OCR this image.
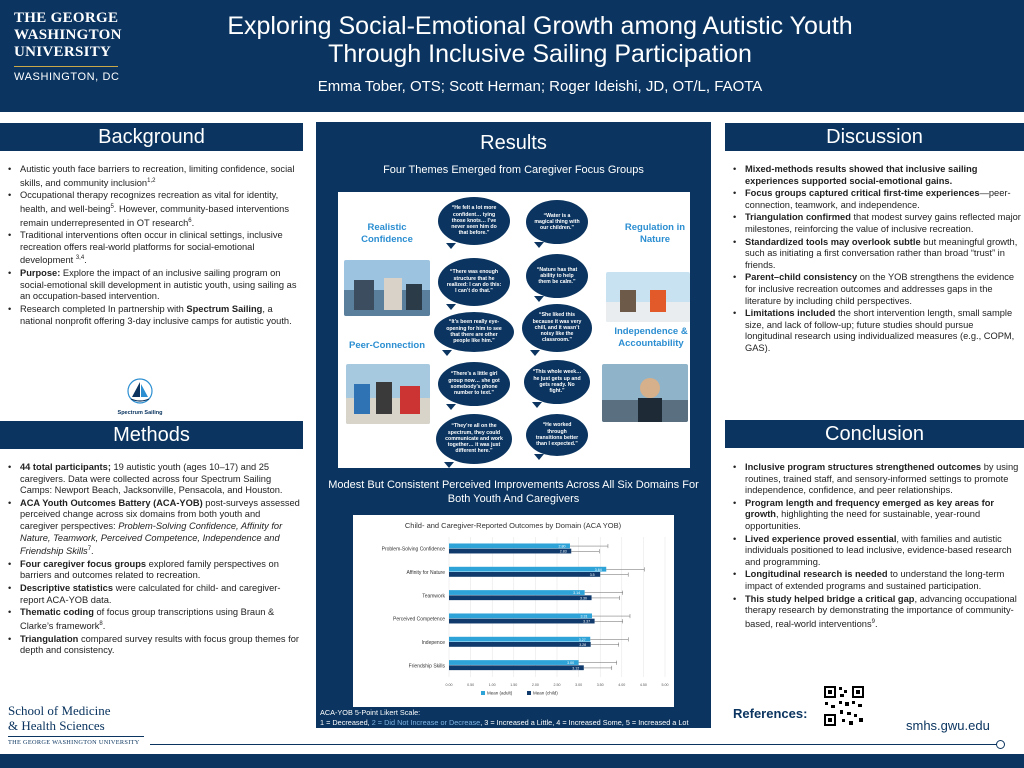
THE GEORGE
WASHINGTON
UNIVERSITY
WASHINGTON, DC
Exploring Social-Emotional Growth among Autistic Youth
Through Inclusive Sailing Participation
Emma Tober, OTS; Scott Herman; Roger Ideishi, JD, OT/L, FAOTA
Background
• Autistic youth face barriers to recreation, limiting confidence, social skills, and community inclusion$^{1,2}$
• Occupational therapy recognizes recreation as vital for identity, health, and well-being$^5$. However, community-based interventions remain underrepresented in OT research$^6$.
• Traditional interventions often occur in clinical settings, inclusive recreation offers real-world platforms for social-emotional development $^{3,4}$.
• Purpose: Explore the impact of an inclusive sailing program on social-emotional skill development in autistic youth, using sailing as an occupation-based intervention.
• Research completed In partnership with Spectrum Sailing, a national nonprofit offering 3-day inclusive camps for autistic youth.
Spectrum Sailing
Methods
• 44 total participants; 19 autistic youth (ages 10–17) and 25 caregivers. Data were collected across four Spectrum Sailing Camps: Newport Beach, Jacksonville, Pensacola, and Houston.
• ACA Youth Outcomes Battery (ACA-YOB) post-surveys assessed perceived change across six domains from both youth and caregiver perspectives: Problem-Solving Confidence, Affinity for Nature, Teamwork, Perceived Competence, Independence and Friendship Skills$^7$.
• Four caregiver focus groups explored family perspectives on barriers and outcomes related to recreation.
• Descriptive statistics were calculated for child- and caregiver-report ACA-YOB data.
• Thematic coding of focus group transcriptions using Braun & Clarke’s framework$^8$.
• Triangulation compared survey results with focus group themes for depth and consistency.
Results
Four Themes Emerged from Caregiver Focus Groups
Realistic Confidence
Regulation in Nature
Peer-Connection
Independence & Accountability
“He felt a lot more confident… tying those knots… I’ve never seen him do that before.”
“There was enough structure that he realized: I can do this: I can’t do that.”
“It’s been really eye-opening for him to see that there are other people like him.”
“There’s a little girl group now… she got somebody’s phone number to text.”
“They’re all on the spectrum, they could communicate and work together… it was just different here.”
“Water is a magical thing with our children.”
“Nature has that ability to help them be calm.”
“She liked this because it was very chill, and it wasn’t noisy like the classroom.”
“This whole week… he just gets up and gets ready. No fight.”
“He worked through transitions better than I expected.”
Modest But Consistent Perceived Improvements Across All Six Domains For Both Youth And Caregivers
Child- and Caregiver-Reported Outcomes by Domain (ACA YOB)
Problem-Solving Confidence
Affinity for Nature
Teamwork
Perceived Competence
Indepence
Friendship Skills
2.80
2.83
3.64
3.5
3.14
3.30
3.31
3.37
3.27
3.28
3.00
3.12
0.00	0.50	1.00	1.50	2.00	2.50	3.00	3.50	4.00	4.50	5.00
Mean (adult)	Mean (child)
ACA-YOB 5-Point Likert Scale:
1 = Decreased, 2 = Did Not Increase or Decrease, 3 = Increased a Little, 4 = Increased Some, 5 = Increased a Lot
Discussion
• Mixed-methods results showed that inclusive sailing experiences supported social-emotional gains.
• Focus groups captured critical first-time experiences—peer-connection, teamwork, and independence.
• Triangulation confirmed that modest survey gains reflected major milestones, reinforcing the value of inclusive recreation.
• Standardized tools may overlook subtle but meaningful growth, such as initiating a first conversation rather than broad “trust” in friends.
• Parent–child consistency on the YOB strengthens the evidence for inclusive recreation outcomes and addresses gaps in the literature by including child perspectives.
• Limitations included the short intervention length, small sample size, and lack of follow-up; future studies should pursue longitudinal research using individualized measures (e.g., COPM, GAS).
Conclusion
• Inclusive program structures strengthened outcomes by using routines, trained staff, and sensory-informed settings to promote independence, confidence, and peer relationships.
• Program length and frequency emerged as key areas for growth, highlighting the need for sustainable, year-round opportunities.
• Lived experience proved essential, with families and autistic individuals positioned to lead inclusive, evidence-based research and programming.
• Longitudinal research is needed to understand the long-term impact of extended programs and sustained participation.
• This study helped bridge a critical gap, advancing occupational therapy research by demonstrating the importance of community-based, real-world interventions$^9$.
School of Medicine
& Health Sciences
THE GEORGE WASHINGTON UNIVERSITY
References:
smhs.gwu.edu
